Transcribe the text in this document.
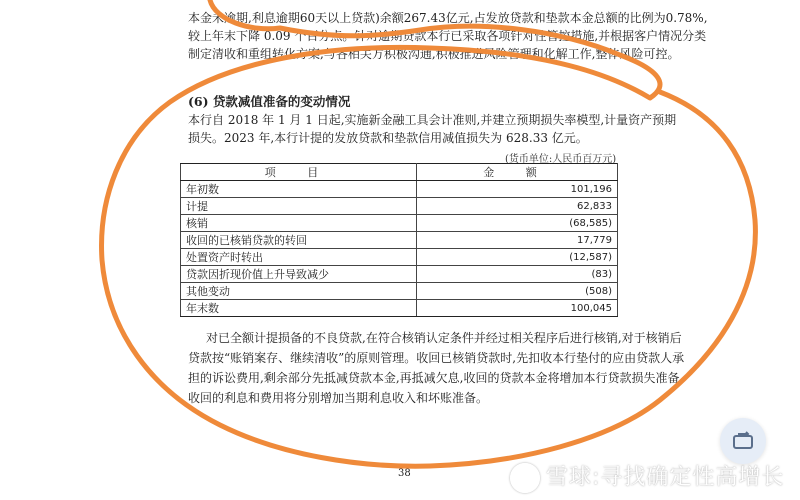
本金未逾期,利息逾期60天以上贷款)余额267.43亿元,占发放贷款和垫款本金总额的比例为0.78%,
较上年末下降 0.09 个百分点。针对逾期贷款本行已采取各项针对性管控措施,并根据客户情况分类
制定清收和重组转化方案,与各相关方积极沟通,积极推进风险管理和化解工作,整体风险可控。
(6) 贷款减值准备的变动情况
本行自 2018 年 1 月 1 日起,实施新金融工具会计准则,并建立预期损失率模型,计量资产预期
损失。2023 年,本行计提的发放贷款和垫款信用减值损失为 628.33 亿元。
(货币单位:人民币百万元)
项 目	金 额
年初数	101,196
计提	62,833
核销	(68,585)
收回的已核销贷款的转回	17,779
处置资产时转出	(12,587)
贷款因折现价值上升导致减少	(83)
其他变动	(508)
年末数	100,045
对已全额计提损备的不良贷款,在符合核销认定条件并经过相关程序后进行核销,对于核销后
贷款按“账销案存、继续清收”的原则管理。收回已核销贷款时,先扣收本行垫付的应由贷款人承
担的诉讼费用,剩余部分先抵减贷款本金,再抵减欠息,收回的贷款本金将增加本行贷款损失准备,
收回的利息和费用将分别增加当期利息收入和坏账准备。
38	雪球:寻找确定性高增长
